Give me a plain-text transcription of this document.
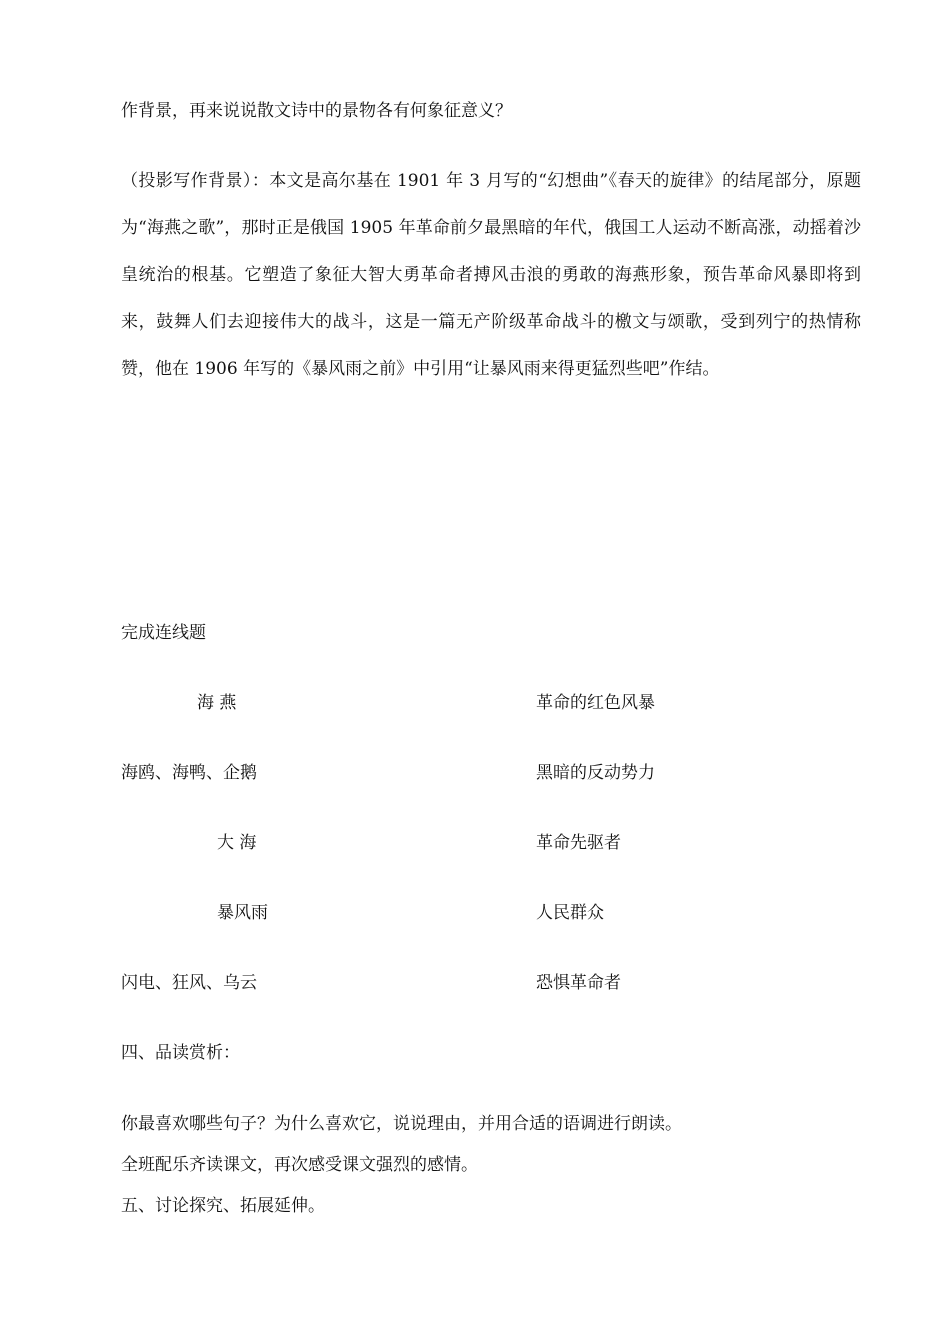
作背景，再来说说散文诗中的景物各有何象征意义？

（投影写作背景）：本文是高尔基在 1901 年 3 月写的“幻想曲”《春天的旋律》的结尾部分，原题为“海燕之歌”，那时正是俄国 1905 年革命前夕最黑暗的年代，俄国工人运动不断高涨，动摇着沙皇统治的根基。它塑造了象征大智大勇革命者搏风击浪的勇敢的海燕形象，预告革命风暴即将到来，鼓舞人们去迎接伟大的战斗，这是一篇无产阶级革命战斗的檄文与颂歌，受到列宁的热情称赞，他在 1906 年写的《暴风雨之前》中引用“让暴风雨来得更猛烈些吧”作结。

完成连线题
海 燕	革命的红色风暴
海鸥、海鸭、企鹅	黑暗的反动势力
大 海	革命先驱者
暴风雨	人民群众
闪电、狂风、乌云	恐惧革命者
四、品读赏析：
你最喜欢哪些句子？为什么喜欢它，说说理由，并用合适的语调进行朗读。
全班配乐齐读课文，再次感受课文强烈的感情。
五、讨论探究、拓展延伸。
